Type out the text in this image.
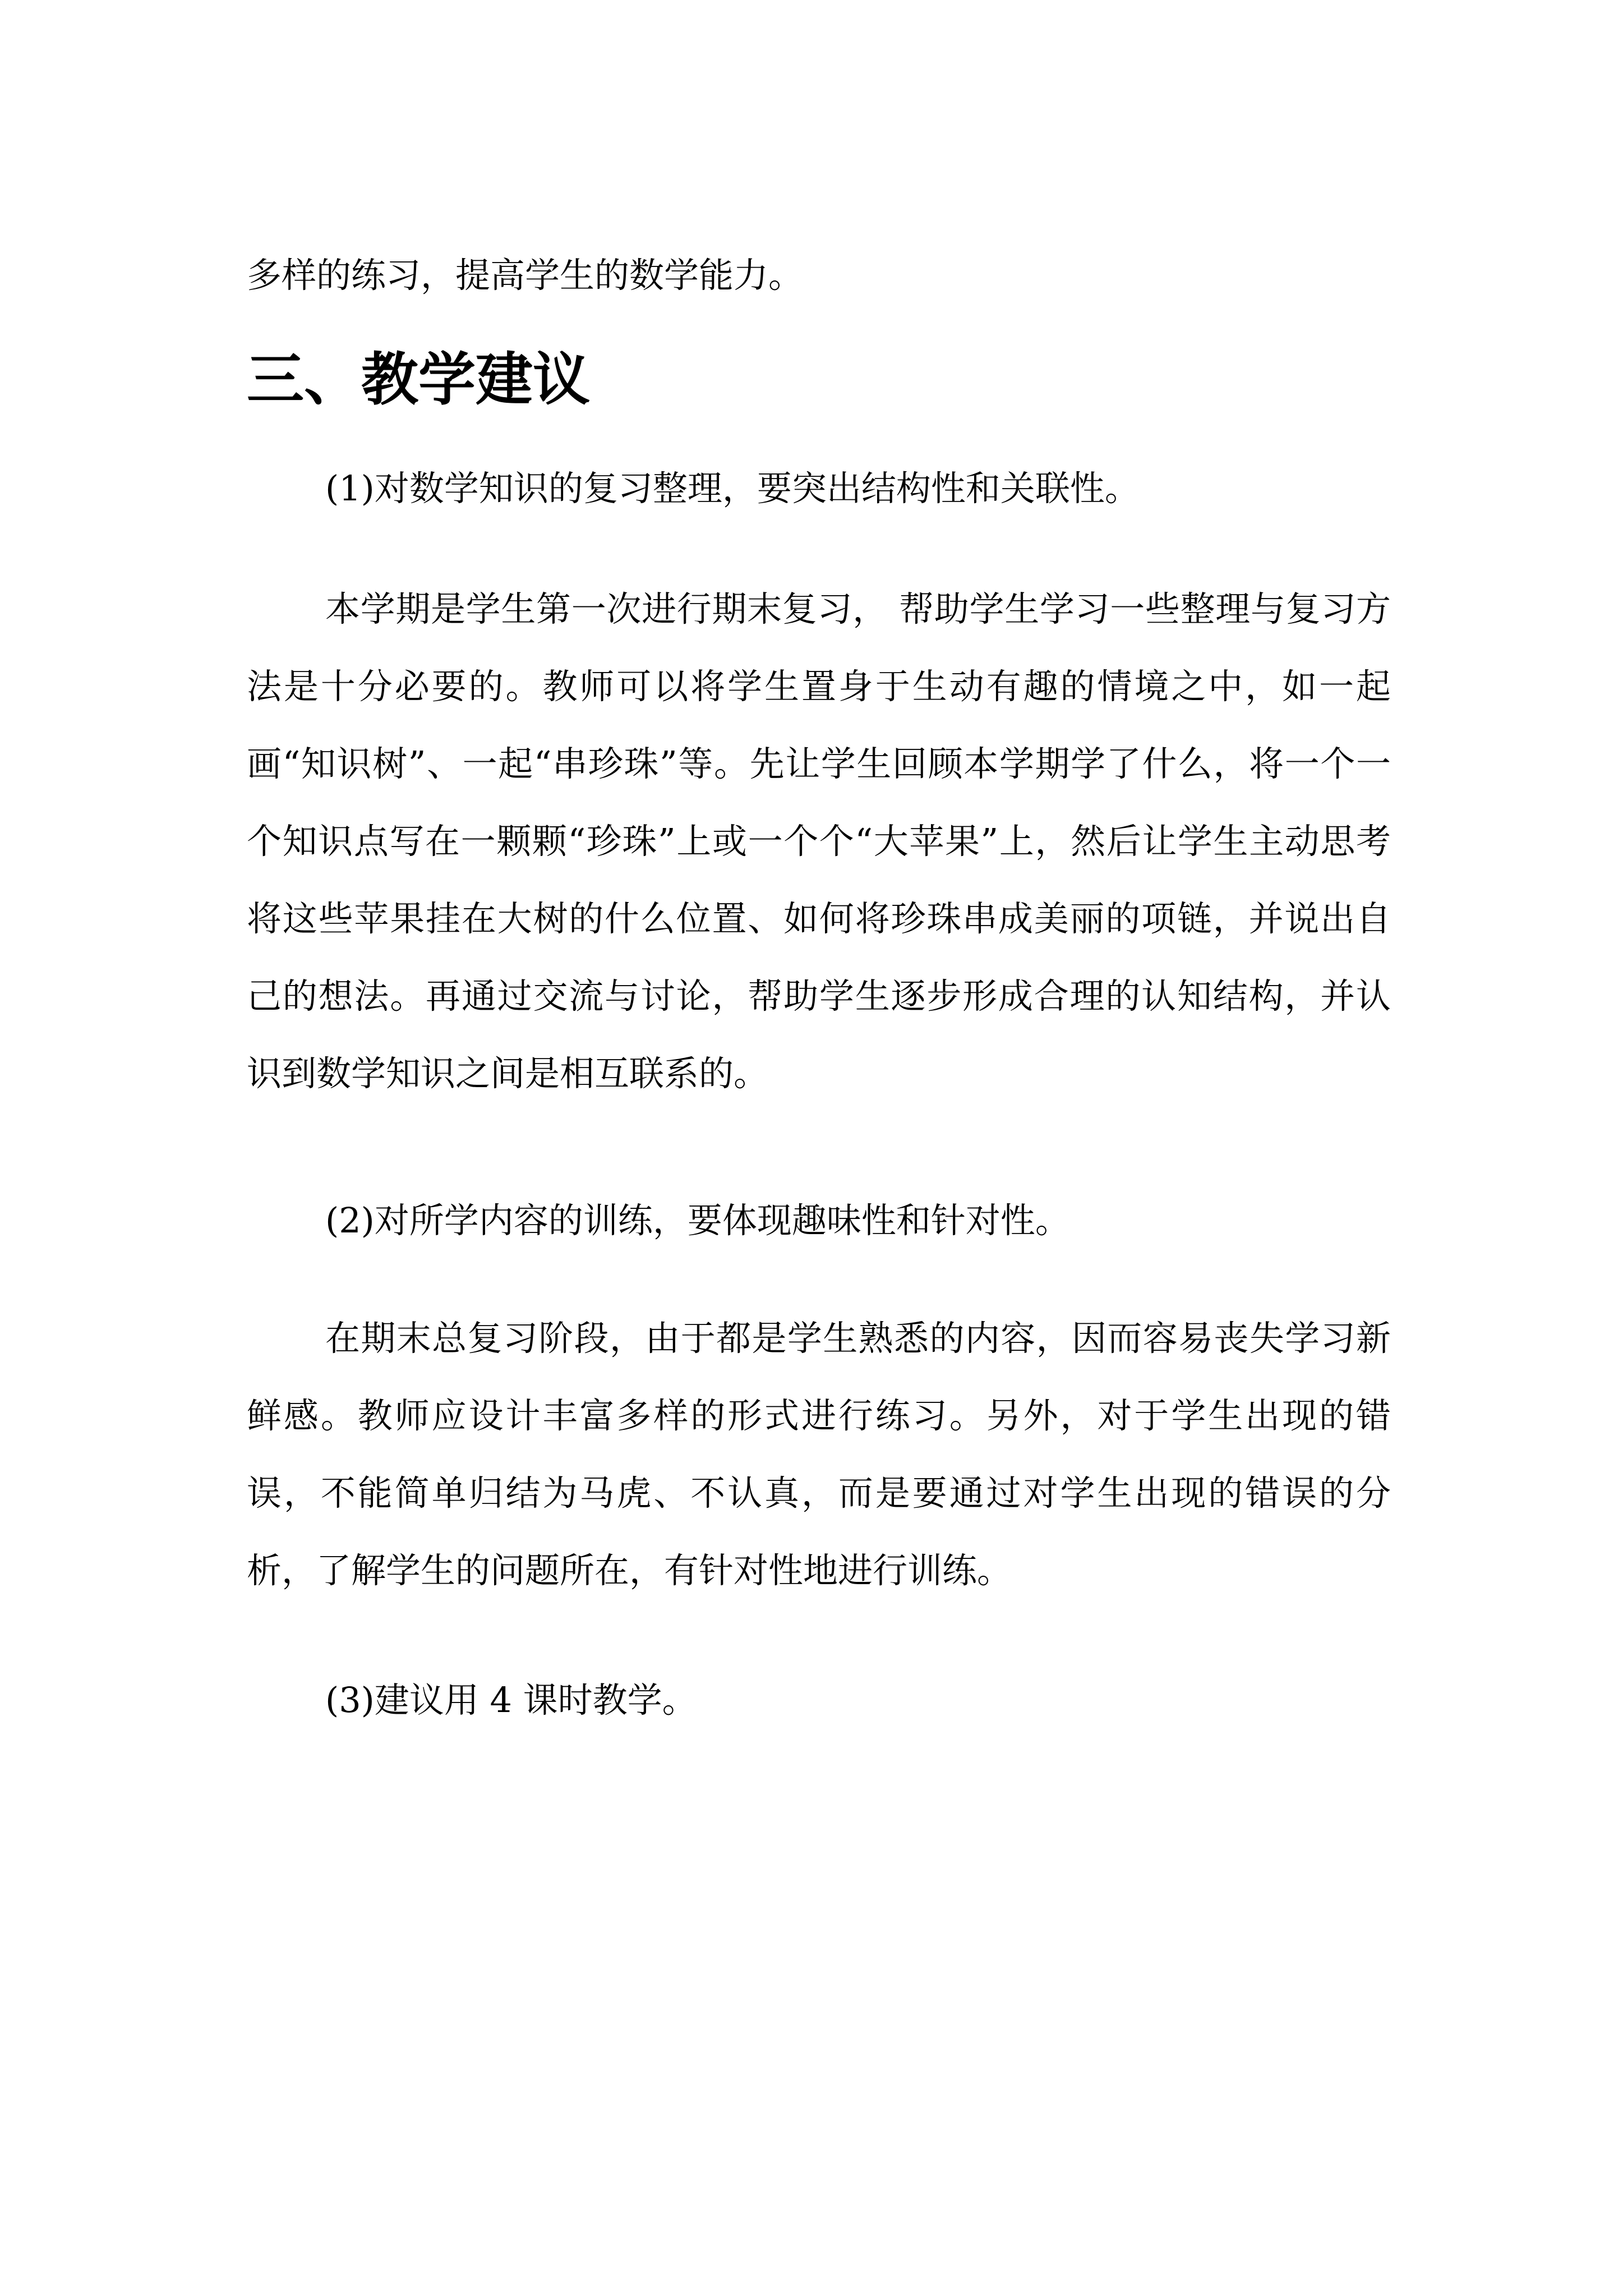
多样的练习，提高学生的数学能力。

三、教学建议

(1)对数学知识的复习整理，要突出结构性和关联性。

本学期是学生第一次进行期末复习， 帮助学生学习一些整理与复习方法是十分必要的。教师可以将学生置身于生动有趣的情境之中，如一起画“知识树”、一起“串珍珠”等。先让学生回顾本学期学了什么，将一个一个知识点写在一颗颗“珍珠”上或一个个“大苹果”上，然后让学生主动思考将这些苹果挂在大树的什么位置、如何将珍珠串成美丽的项链，并说出自己的想法。再通过交流与讨论，帮助学生逐步形成合理的认知结构，并认识到数学知识之间是相互联系的。

(2)对所学内容的训练，要体现趣味性和针对性。

在期末总复习阶段，由于都是学生熟悉的内容，因而容易丧失学习新鲜感。教师应设计丰富多样的形式进行练习。另外，对于学生出现的错误，不能简单归结为马虎、不认真，而是要通过对学生出现的错误的分析，了解学生的问题所在，有针对性地进行训练。

(3)建议用 4 课时教学。
